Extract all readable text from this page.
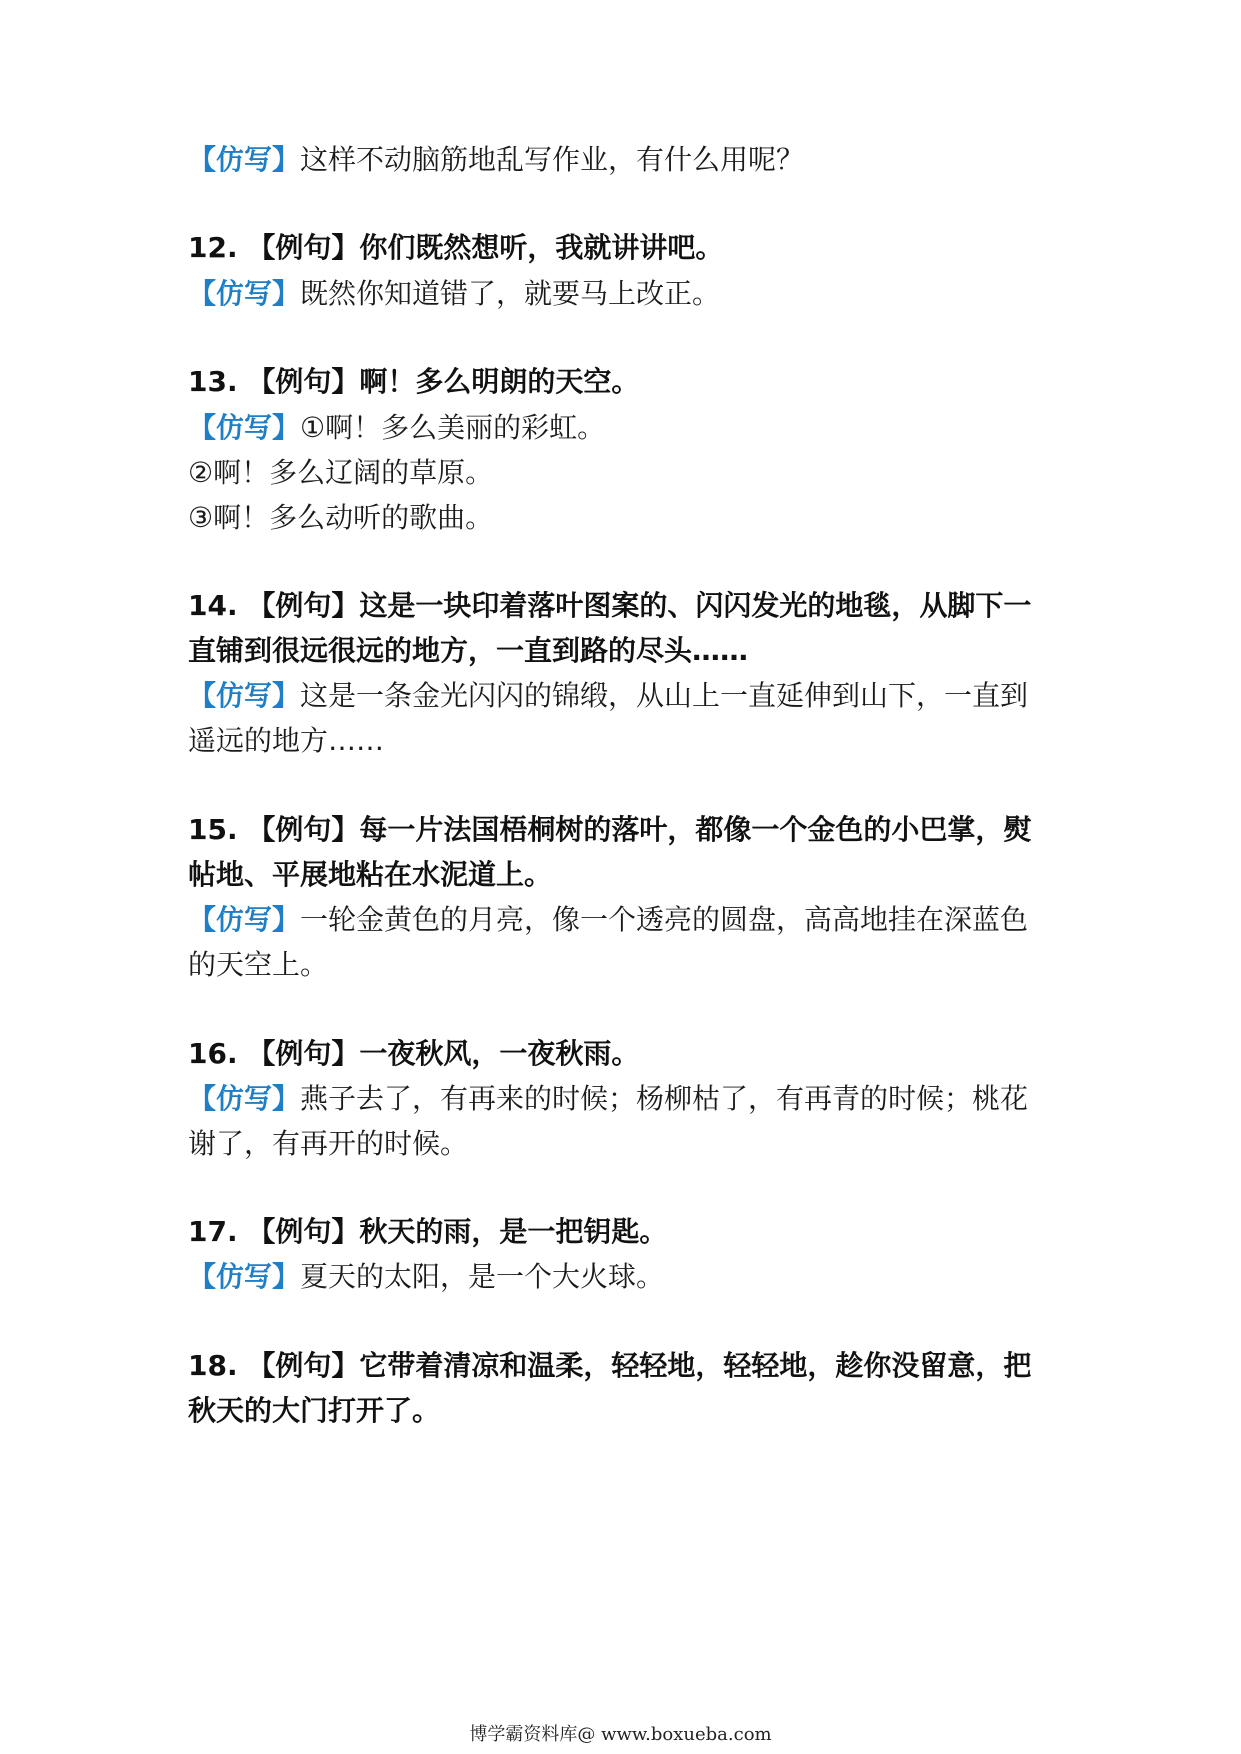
【仿写】这样不动脑筋地乱写作业，有什么用呢？
12. 【例句】你们既然想听，我就讲讲吧。
【仿写】既然你知道错了，就要马上改正。
13. 【例句】啊！多么明朗的天空。
【仿写】①啊！多么美丽的彩虹。
②啊！多么辽阔的草原。
③啊！多么动听的歌曲。
14. 【例句】这是一块印着落叶图案的、闪闪发光的地毯，从脚下一
直铺到很远很远的地方，一直到路的尽头……
【仿写】这是一条金光闪闪的锦缎，从山上一直延伸到山下，一直到
遥远的地方……
15. 【例句】每一片法国梧桐树的落叶，都像一个金色的小巴掌，熨
帖地、平展地粘在水泥道上。
【仿写】一轮金黄色的月亮，像一个透亮的圆盘，高高地挂在深蓝色
的天空上。
16. 【例句】一夜秋风，一夜秋雨。
【仿写】燕子去了，有再来的时候；杨柳枯了，有再青的时候；桃花
谢了，有再开的时候。
17. 【例句】秋天的雨，是一把钥匙。
【仿写】夏天的太阳，是一个大火球。
18. 【例句】它带着清凉和温柔，轻轻地，轻轻地，趁你没留意，把
秋天的大门打开了。
博学霸资料库@ www.boxueba.com
